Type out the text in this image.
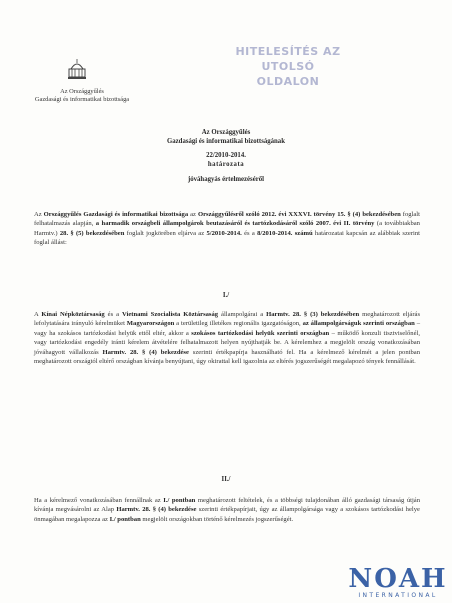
Az Országgyűlés
Gazdasági és informatikai bizottsága
HITELESÍTÉS AZ
UTOLSÓ OLDALON
Az Országgyűlés
Gazdasági és informatikai bizottságának
22/2010-2014.
határozata
jóváhagyás értelmezéséről
Az Országgyűlés Gazdasági és informatikai bizottsága az Országgyűlésről szóló 2012. évi XXXVI. törvény 15. § (4) bekezdésében foglalt felhatalmazás alapján, a harmadik országbeli állampolgárok beutazásáról és tartózkodásáról szóló 2007. évi II. törvény (a továbbiakban Harmtv.) 28. § (5) bekezdésében foglalt jogkörében eljárva az 5/2010-2014. és a 8/2010-2014. számú határozatai kapcsán az alábbiak szerint foglal állást:
I./
A Kínai Népköztársaság és a Vietnami Szocialista Köztársaság állampolgárai a Harmtv. 28. § (3) bekezdésében meghatározott eljárás lefolytatására irányuló kérelmüket Magyarországon a területileg illetékes regionális igazgatóságon, az állampolgárságuk szerinti országban – vagy ha szokásos tartózkodási helyük ettől eltér, akkor a szokásos tartózkodási helyük szerinti országban – működő konzuli tisztviselőnél, vagy tartózkodási engedély iránti kérelem átvételére felhatalmazott helyen nyújthatják be. A kérelemhez a megjelölt ország vonatkozásában jóváhagyott vállalkozás Harmtv. 28. § (4) bekezdése szerinti értékpapírja használható fel. Ha a kérelmező kérelmét a jelen pontban meghatározott országtól eltérő országban kívánja benyújtani, úgy okirattal kell igazolnia az eltérés jogszerűségét megalapozó tények fennállását.
II./
Ha a kérelmező vonatkozásában fennállnak az I./ pontban meghatározott feltételek, és a többségi tulajdonában álló gazdasági társaság útján kívánja megvásárolni az Alap Harmtv. 28. § (4) bekezdése szerinti értékpapírjait, úgy az állampolgársága vagy a szokásos tartózkodási helye önmagában megalapozza az I./ pontban megjelölt országokban történő kérelmezés jogszerűségét.
NOAH
INTERNATIONAL
